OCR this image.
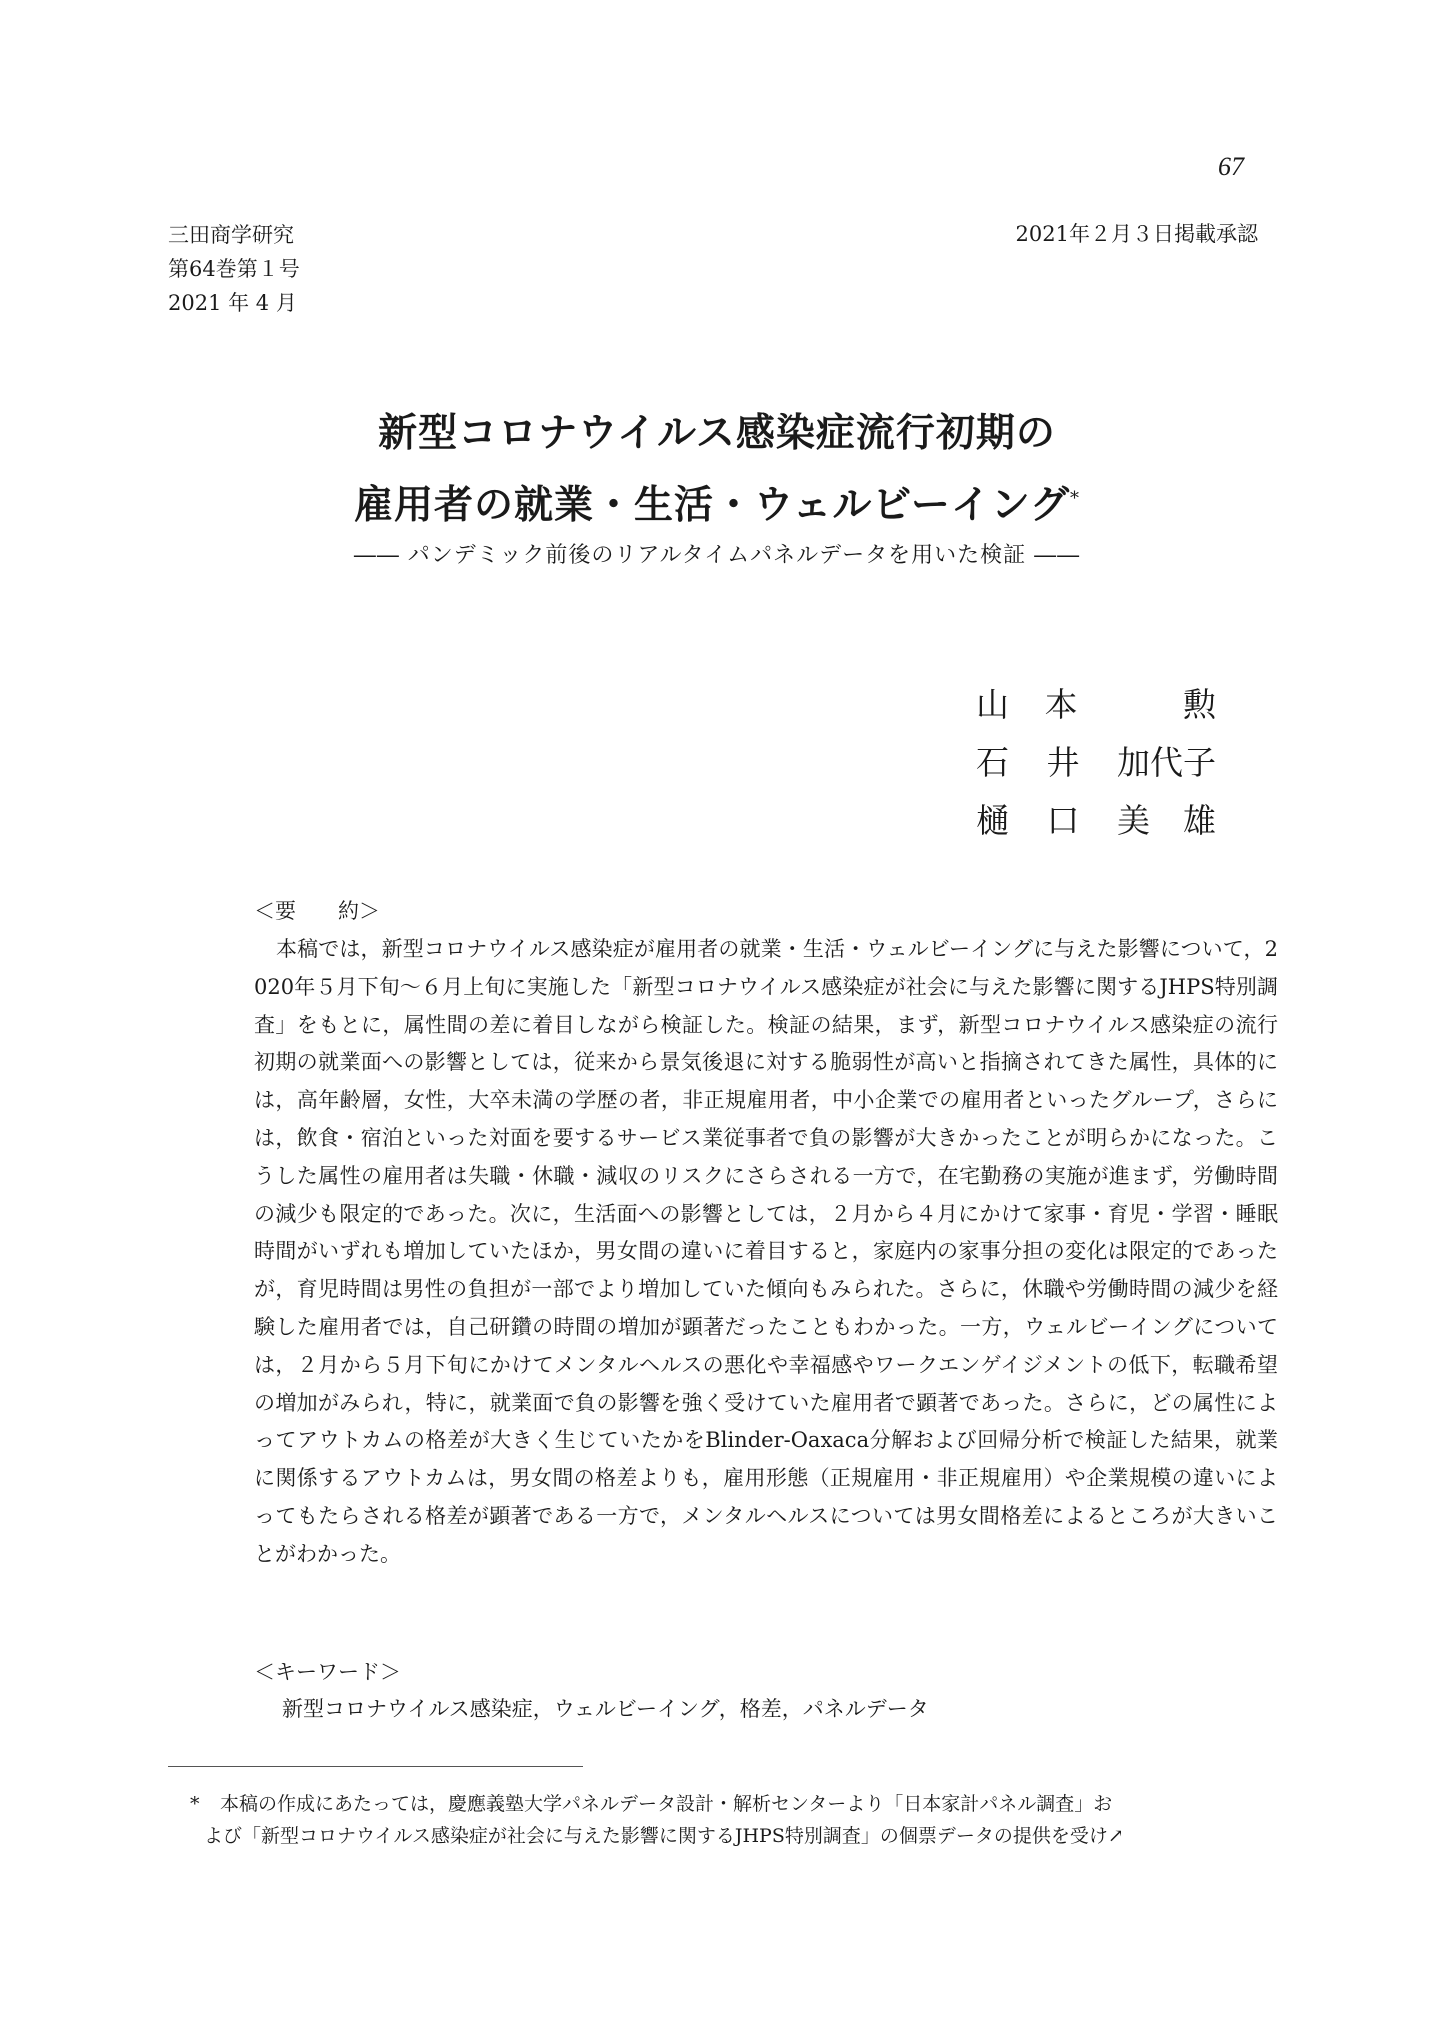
67
三田商学研究
第64巻第１号
2021 年 4 月
2021年２月３日掲載承認
新型コロナウイルス感染症流行初期の
雇用者の就業・生活・ウェルビーイング*
―― パンデミック前後のリアルタイムパネルデータを用いた検証 ――
山 本	勲
石 井 加代子
樋 口 美　雄
＜要　　約＞

本稿では，新型コロナウイルス感染症が雇用者の就業・生活・ウェルビーイングに与えた影響について，2020年５月下旬～６月上旬に実施した「新型コロナウイルス感染症が社会に与えた影響に関するJHPS特別調査」をもとに，属性間の差に着目しながら検証した。検証の結果，まず，新型コロナウイルス感染症の流行初期の就業面への影響としては，従来から景気後退に対する脆弱性が高いと指摘されてきた属性，具体的には，高年齢層，女性，大卒未満の学歴の者，非正規雇用者，中小企業での雇用者といったグループ，さらには，飲食・宿泊といった対面を要するサービス業従事者で負の影響が大きかったことが明らかになった。こうした属性の雇用者は失職・休職・減収のリスクにさらされる一方で，在宅勤務の実施が進まず，労働時間の減少も限定的であった。次に，生活面への影響としては，２月から４月にかけて家事・育児・学習・睡眠時間がいずれも増加していたほか，男女間の違いに着目すると，家庭内の家事分担の変化は限定的であったが，育児時間は男性の負担が一部でより増加していた傾向もみられた。さらに，休職や労働時間の減少を経験した雇用者では，自己研鑽の時間の増加が顕著だったこともわかった。一方，ウェルビーイングについては，２月から５月下旬にかけてメンタルヘルスの悪化や幸福感やワークエンゲイジメントの低下，転職希望の増加がみられ，特に，就業面で負の影響を強く受けていた雇用者で顕著であった。さらに，どの属性によってアウトカムの格差が大きく生じていたかをBlinder-Oaxaca分解および回帰分析で検証した結果，就業に関係するアウトカムは，男女間の格差よりも，雇用形態（正規雇用・非正規雇用）や企業規模の違いによってもたらされる格差が顕著である一方で，メンタルヘルスについては男女間格差によるところが大きいことがわかった。

＜キーワード＞
新型コロナウイルス感染症，ウェルビーイング，格差，パネルデータ
* 本稿の作成にあたっては，慶應義塾大学パネルデータ設計・解析センターより「日本家計パネル調査」お
よび「新型コロナウイルス感染症が社会に与えた影響に関するJHPS特別調査」の個票データの提供を受け↗
